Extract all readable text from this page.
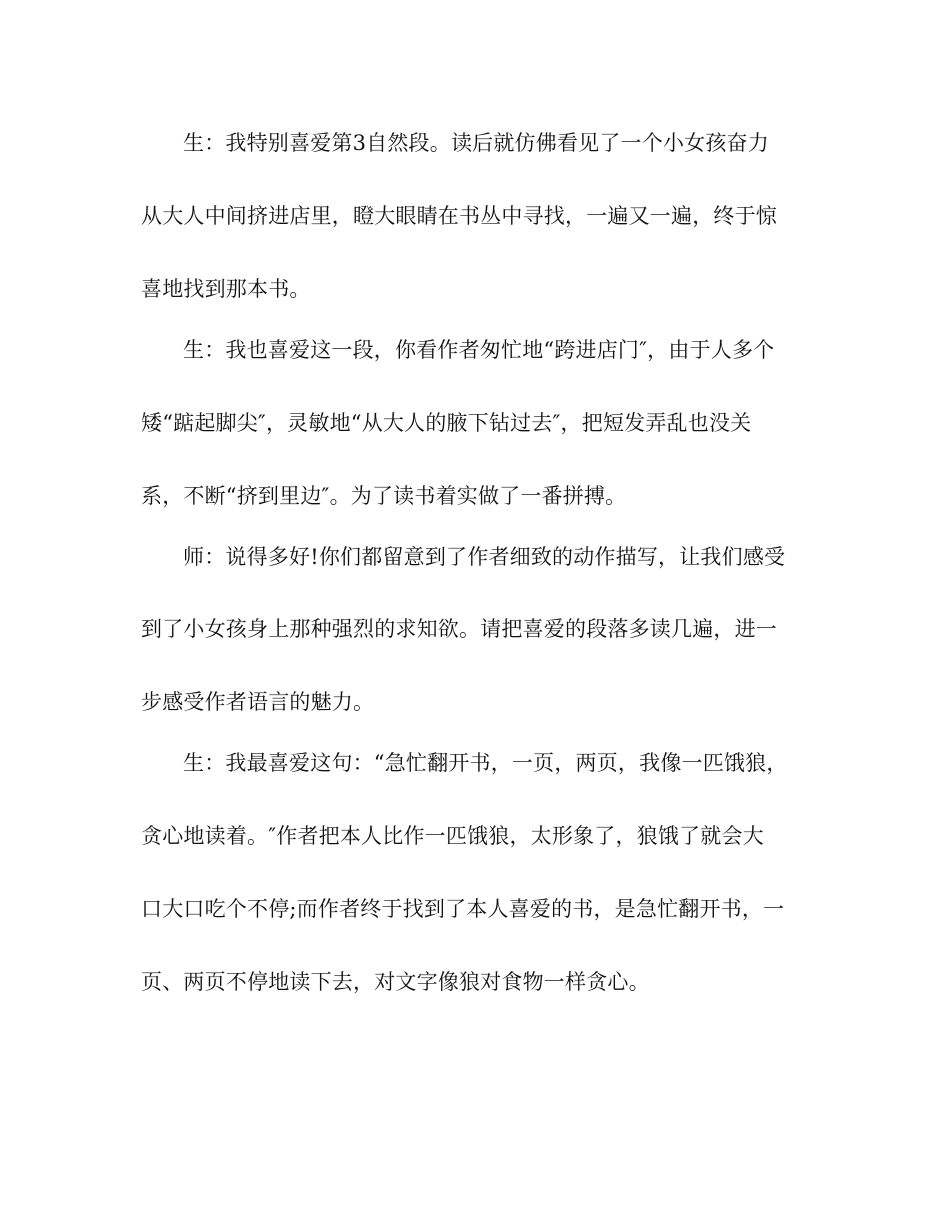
生：我特别喜爱第3自然段。读后就仿佛看见了一个小女孩奋力
从大人中间挤进店里，瞪大眼睛在书丛中寻找，一遍又一遍，终于惊
喜地找到那本书。
生：我也喜爱这一段，你看作者匆忙地“跨进店门″，由于人多个
矮“踮起脚尖″，灵敏地“从大人的腋下钻过去″，把短发弄乱也没关
系，不断“挤到里边″。为了读书着实做了一番拼搏。
师：说得多好!你们都留意到了作者细致的动作描写，让我们感受
到了小女孩身上那种强烈的求知欲。请把喜爱的段落多读几遍，进一
步感受作者语言的魅力。
生：我最喜爱这句：“急忙翻开书，一页，两页，我像一匹饿狼，
贪心地读着。″作者把本人比作一匹饿狼，太形象了，狼饿了就会大
口大口吃个不停;而作者终于找到了本人喜爱的书，是急忙翻开书，一
页、两页不停地读下去，对文字像狼对食物一样贪心。
